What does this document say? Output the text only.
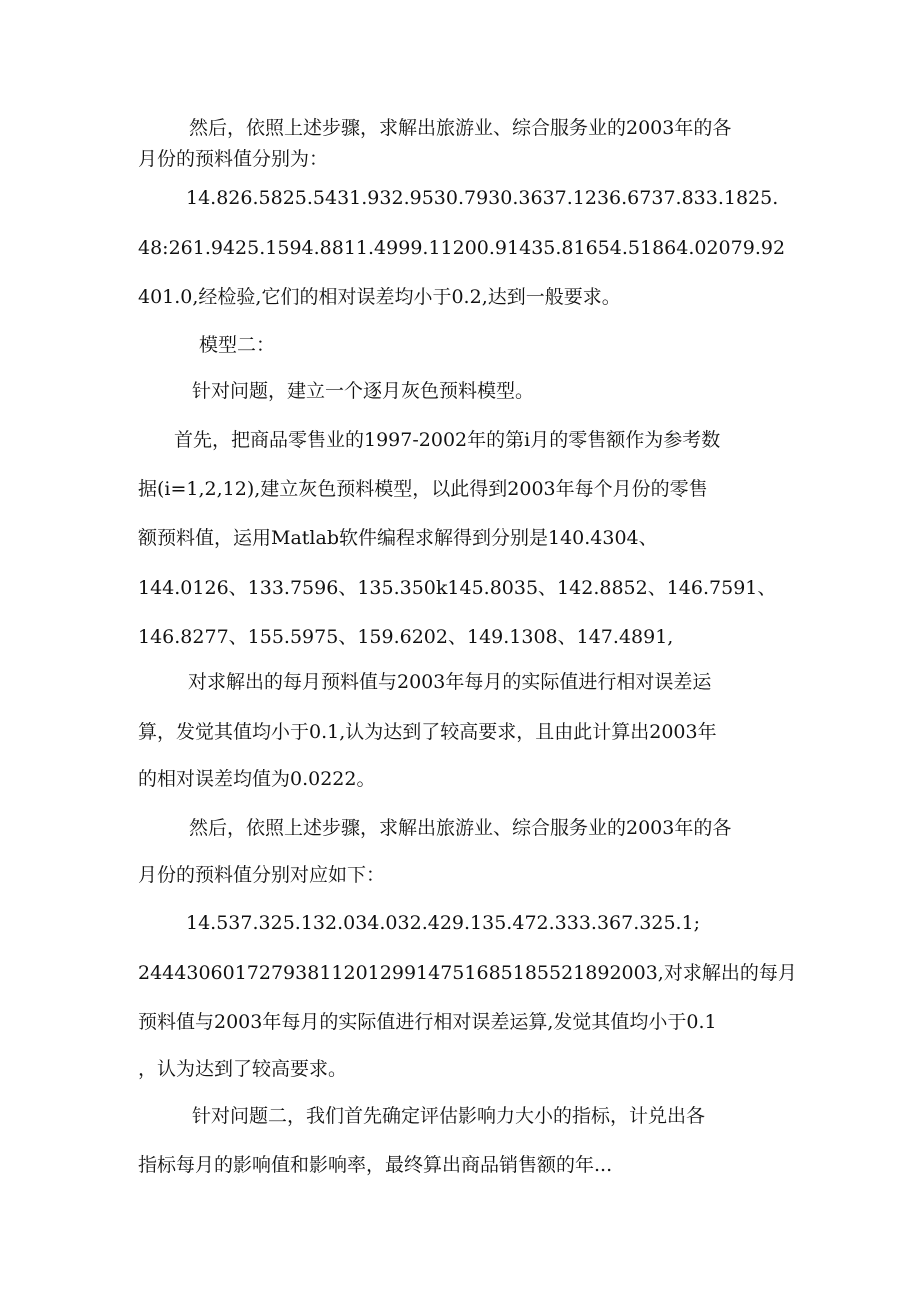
然后，依照上述步骤，求解出旅游业、综合服务业的2003年的各
月份的预料值分别为：
14.826.5825.5431.932.9530.7930.3637.1236.6737.833.1825.
48:261.9425.1594.8811.4999.11200.91435.81654.51864.02079.92
401.0,经检验,它们的相对误差均小于0.2,达到一般要求。
模型二：
针对问题，建立一个逐月灰色预料模型。
首先，把商品零售业的1997-2002年的第i月的零售额作为参考数
据(i=1,2,12),建立灰色预料模型，以此得到2003年每个月份的零售
额预料值，运用Matlab软件编程求解得到分别是140.4304、
144.0126、133.7596、135.350k145.8035、142.8852、146.7591、
146.8277、155.5975、159.6202、149.1308、147.4891,
对求解出的每月预料值与2003年每月的实际值进行相对误差运
算，发觉其值均小于0.1,认为达到了较高要求，且由此计算出2003年
的相对误差均值为0.0222。
然后，依照上述步骤，求解出旅游业、综合服务业的2003年的各
月份的预料值分别对应如下：
14.537.325.132.034.032.429.135.472.333.367.325.1;
24443060172793811201299147516851855218920​03,对求解出的每月
预料值与2003年每月的实际值进行相对误差运算,发觉其值均小于0.1
，认为达到了较高要求。
针对问题二，我们首先确定评估影响力大小的指标，计兑出各
指标每月的影响值和影响率，最终算出商品销售额的年...
